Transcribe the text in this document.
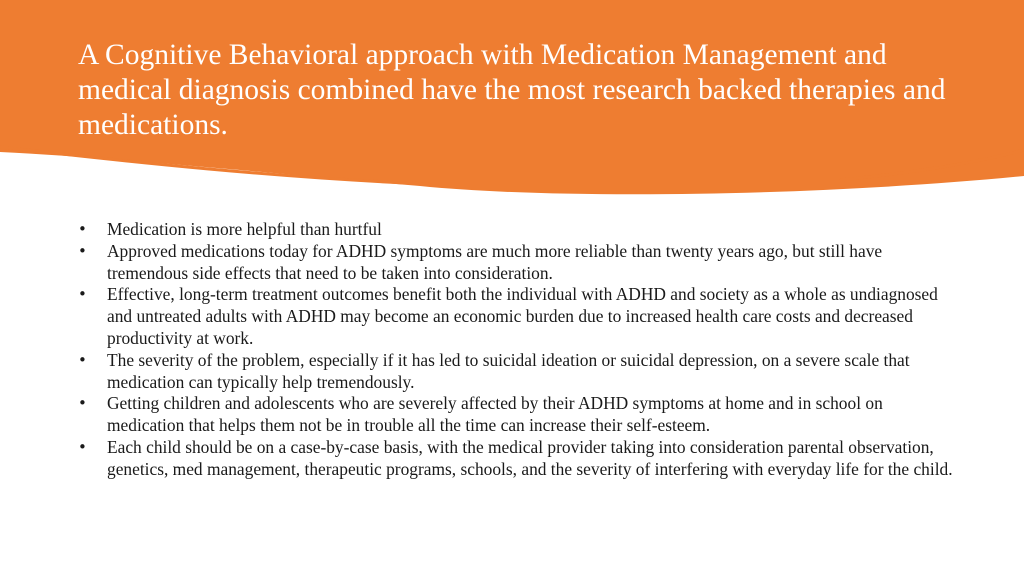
A Cognitive Behavioral approach with Medication Management and medical diagnosis combined have the most research backed therapies and medications.
• Medication is more helpful than hurtful
• Approved medications today for ADHD symptoms are much more reliable than twenty years ago, but still have tremendous side effects that need to be taken into consideration.
• Effective, long-term treatment outcomes benefit both the individual with ADHD and society as a whole as undiagnosed and untreated adults with ADHD may become an economic burden due to increased health care costs and decreased productivity at work.
• The severity of the problem, especially if it has led to suicidal ideation or suicidal depression, on a severe scale that medication can typically help tremendously.
• Getting children and adolescents who are severely affected by their ADHD symptoms at home and in school on medication that helps them not be in trouble all the time can increase their self-esteem.
• Each child should be on a case-by-case basis, with the medical provider taking into consideration parental observation, genetics, med management, therapeutic programs, schools, and the severity of interfering with everyday life for the child.
